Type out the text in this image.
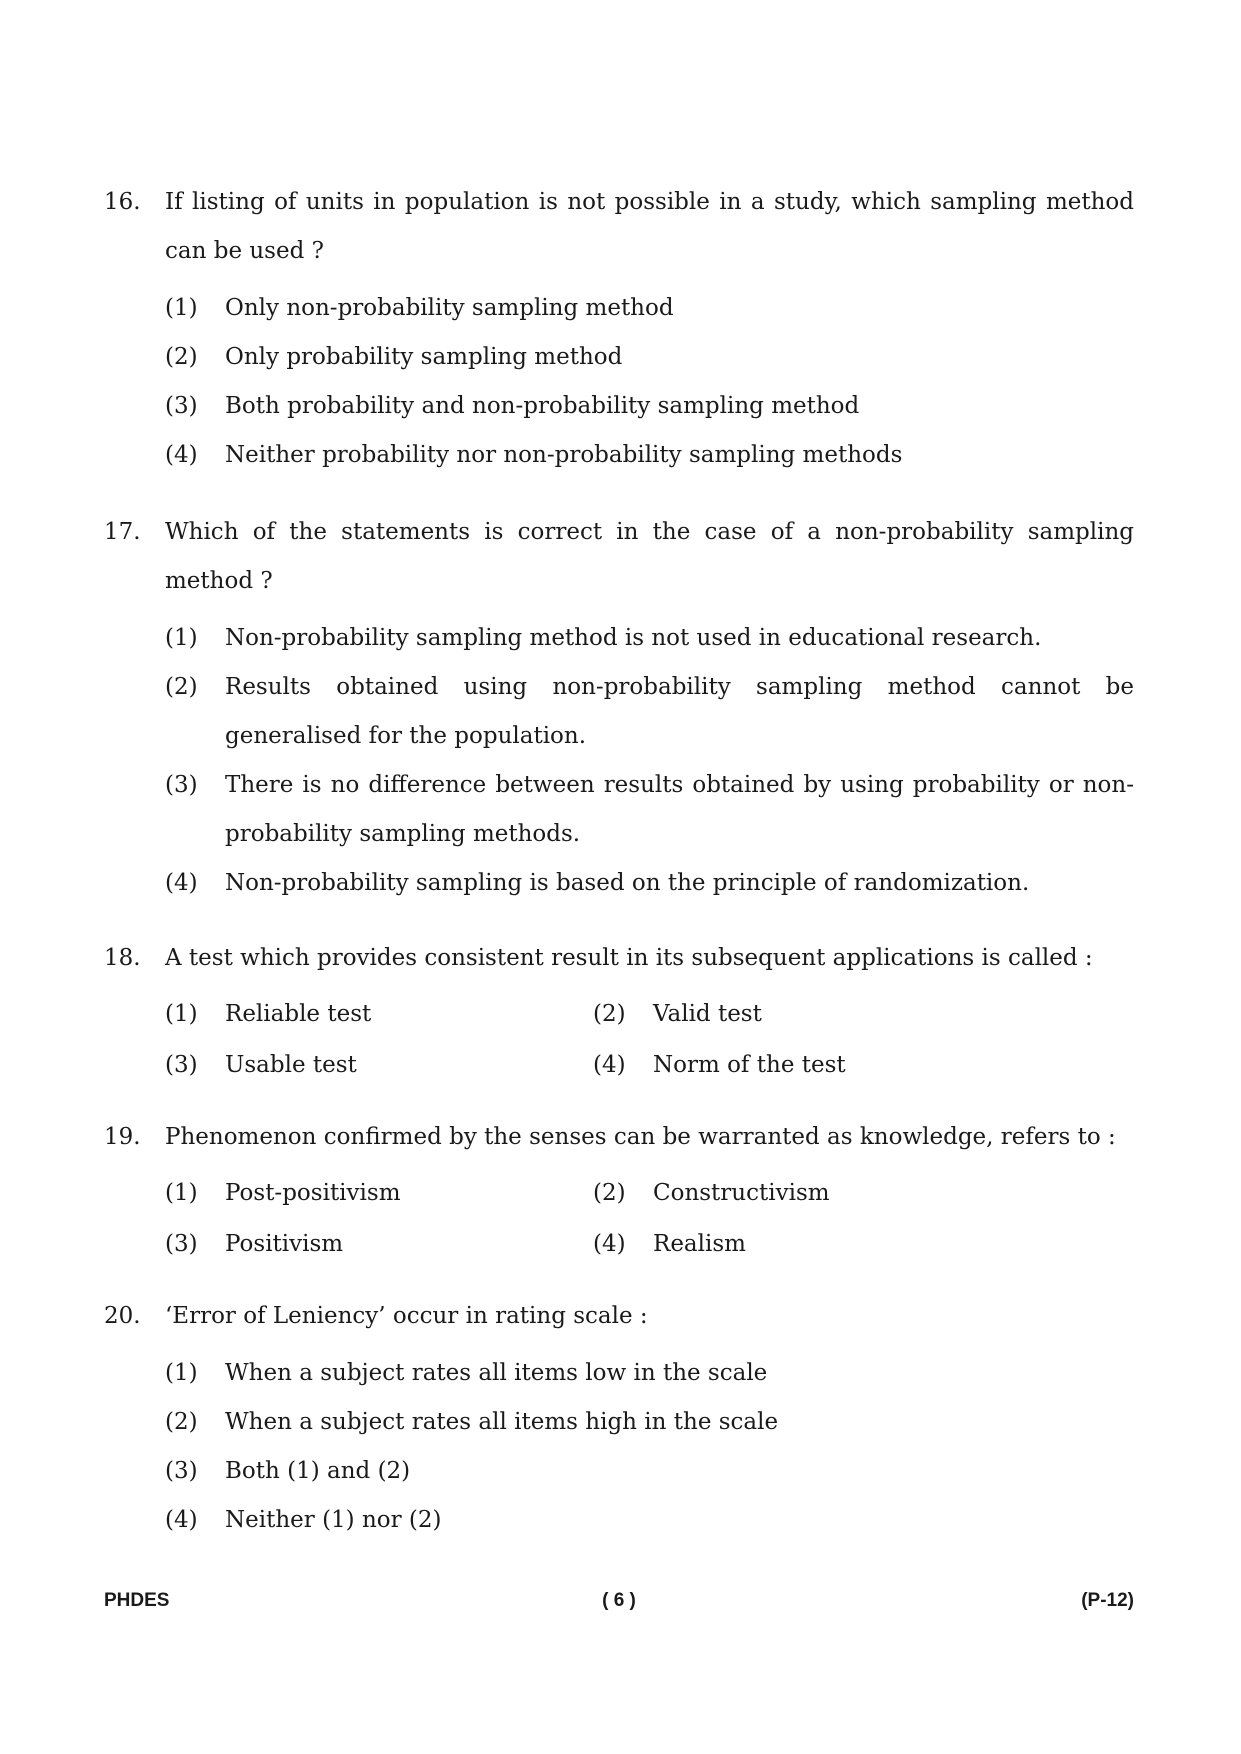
16. If listing of units in population is not possible in a study, which sampling method can be used ?
(1) Only non-probability sampling method
(2) Only probability sampling method
(3) Both probability and non-probability sampling method
(4) Neither probability nor non-probability sampling methods
17. Which of the statements is correct in the case of a non-probability sampling method ?
(1) Non-probability sampling method is not used in educational research.
(2) Results obtained using non-probability sampling method cannot be generalised for the population.
(3) There is no difference between results obtained by using probability or non-probability sampling methods.
(4) Non-probability sampling is based on the principle of randomization.
18. A test which provides consistent result in its subsequent applications is called :
(1) Reliable test	(2) Valid test
(3) Usable test	(4) Norm of the test
19. Phenomenon confirmed by the senses can be warranted as knowledge, refers to :
(1) Post-positivism	(2) Constructivism
(3) Positivism	(4) Realism
20. ‘Error of Leniency’ occur in rating scale :
(1) When a subject rates all items low in the scale
(2) When a subject rates all items high in the scale
(3) Both (1) and (2)
(4) Neither (1) nor (2)
PHDES	( 6 )	(P-12)
